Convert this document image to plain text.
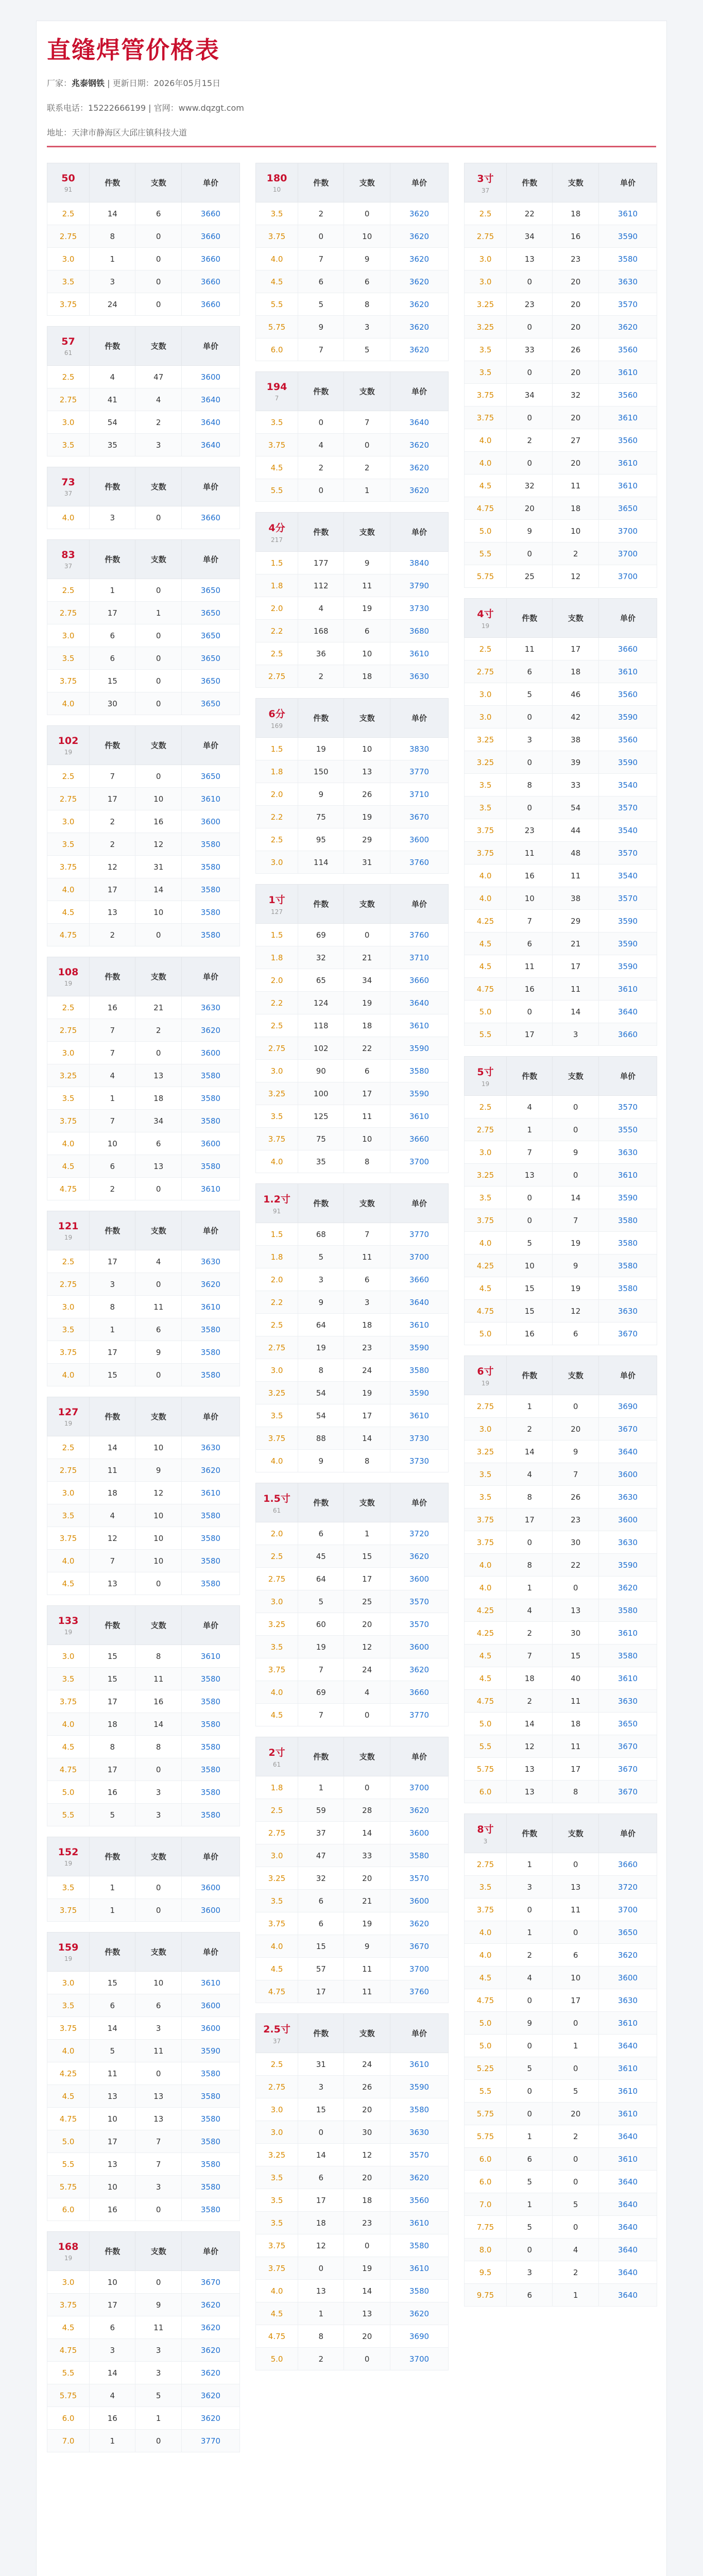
直缝焊管价格表
厂家：兆泰钢铁 | 更新日期：2026年05月15日
联系电话：15222666199 | 官网：www.dqzgt.com
地址：天津市静海区大邱庄镇科技大道
50
91	件数	支数	单价
2.5	14	6	3660
2.75	8	0	3660
3.0	1	0	3660
3.5	3	0	3660
3.75	24	0	3660
57
61	件数	支数	单价
2.5	4	47	3600
2.75	41	4	3640
3.0	54	2	3640
3.5	35	3	3640
73
37	件数	支数	单价
4.0	3	0	3660
83
37	件数	支数	单价
2.5	1	0	3650
2.75	17	1	3650
3.0	6	0	3650
3.5	6	0	3650
3.75	15	0	3650
4.0	30	0	3650
102
19	件数	支数	单价
2.5	7	0	3650
2.75	17	10	3610
3.0	2	16	3600
3.5	2	12	3580
3.75	12	31	3580
4.0	17	14	3580
4.5	13	10	3580
4.75	2	0	3580
108
19	件数	支数	单价
2.5	16	21	3630
2.75	7	2	3620
3.0	7	0	3600
3.25	4	13	3580
3.5	1	18	3580
3.75	7	34	3580
4.0	10	6	3600
4.5	6	13	3580
4.75	2	0	3610
121
19	件数	支数	单价
2.5	17	4	3630
2.75	3	0	3620
3.0	8	11	3610
3.5	1	6	3580
3.75	17	9	3580
4.0	15	0	3580
127
19	件数	支数	单价
2.5	14	10	3630
2.75	11	9	3620
3.0	18	12	3610
3.5	4	10	3580
3.75	12	10	3580
4.0	7	10	3580
4.5	13	0	3580
133
19	件数	支数	单价
3.0	15	8	3610
3.5	15	11	3580
3.75	17	16	3580
4.0	18	14	3580
4.5	8	8	3580
4.75	17	0	3580
5.0	16	3	3580
5.5	5	3	3580
152
19	件数	支数	单价
3.5	1	0	3600
3.75	1	0	3600
159
19	件数	支数	单价
3.0	15	10	3610
3.5	6	6	3600
3.75	14	3	3600
4.0	5	11	3590
4.25	11	0	3580
4.5	13	13	3580
4.75	10	13	3580
5.0	17	7	3580
5.5	13	7	3580
5.75	10	3	3580
6.0	16	0	3580
168
19	件数	支数	单价
3.0	10	0	3670
3.75	17	9	3620
4.5	6	11	3620
4.75	3	3	3620
5.5	14	3	3620
5.75	4	5	3620
6.0	16	1	3620
7.0	1	0	3770
180
10	件数	支数	单价
3.5	2	0	3620
3.75	0	10	3620
4.0	7	9	3620
4.5	6	6	3620
5.5	5	8	3620
5.75	9	3	3620
6.0	7	5	3620
194
7	件数	支数	单价
3.5	0	7	3640
3.75	4	0	3620
4.5	2	2	3620
5.5	0	1	3620
4分
217	件数	支数	单价
1.5	177	9	3840
1.8	112	11	3790
2.0	4	19	3730
2.2	168	6	3680
2.5	36	10	3610
2.75	2	18	3630
6分
169	件数	支数	单价
1.5	19	10	3830
1.8	150	13	3770
2.0	9	26	3710
2.2	75	19	3670
2.5	95	29	3600
3.0	114	31	3760
1寸
127	件数	支数	单价
1.5	69	0	3760
1.8	32	21	3710
2.0	65	34	3660
2.2	124	19	3640
2.5	118	18	3610
2.75	102	22	3590
3.0	90	6	3580
3.25	100	17	3590
3.5	125	11	3610
3.75	75	10	3660
4.0	35	8	3700
1.2寸
91	件数	支数	单价
1.5	68	7	3770
1.8	5	11	3700
2.0	3	6	3660
2.2	9	3	3640
2.5	64	18	3610
2.75	19	23	3590
3.0	8	24	3580
3.25	54	19	3590
3.5	54	17	3610
3.75	88	14	3730
4.0	9	8	3730
1.5寸
61	件数	支数	单价
2.0	6	1	3720
2.5	45	15	3620
2.75	64	17	3600
3.0	5	25	3570
3.25	60	20	3570
3.5	19	12	3600
3.75	7	24	3620
4.0	69	4	3660
4.5	7	0	3770
2寸
61	件数	支数	单价
1.8	1	0	3700
2.5	59	28	3620
2.75	37	14	3600
3.0	47	33	3580
3.25	32	20	3570
3.5	6	21	3600
3.75	6	19	3620
4.0	15	9	3670
4.5	57	11	3700
4.75	17	11	3760
2.5寸
37	件数	支数	单价
2.5	31	24	3610
2.75	3	26	3590
3.0	15	20	3580
3.0	0	30	3630
3.25	14	12	3570
3.5	6	20	3620
3.5	17	18	3560
3.5	18	23	3610
3.75	12	0	3580
3.75	0	19	3610
4.0	13	14	3580
4.5	1	13	3620
4.75	8	20	3690
5.0	2	0	3700
3寸
37	件数	支数	单价
2.5	22	18	3610
2.75	34	16	3590
3.0	13	23	3580
3.0	0	20	3630
3.25	23	20	3570
3.25	0	20	3620
3.5	33	26	3560
3.5	0	20	3610
3.75	34	32	3560
3.75	0	20	3610
4.0	2	27	3560
4.0	0	20	3610
4.5	32	11	3610
4.75	20	18	3650
5.0	9	10	3700
5.5	0	2	3700
5.75	25	12	3700
4寸
19	件数	支数	单价
2.5	11	17	3660
2.75	6	18	3610
3.0	5	46	3560
3.0	0	42	3590
3.25	3	38	3560
3.25	0	39	3590
3.5	8	33	3540
3.5	0	54	3570
3.75	23	44	3540
3.75	11	48	3570
4.0	16	11	3540
4.0	10	38	3570
4.25	7	29	3590
4.5	6	21	3590
4.5	11	17	3590
4.75	16	11	3610
5.0	0	14	3640
5.5	17	3	3660
5寸
19	件数	支数	单价
2.5	4	0	3570
2.75	1	0	3550
3.0	7	9	3630
3.25	13	0	3610
3.5	0	14	3590
3.75	0	7	3580
4.0	5	19	3580
4.25	10	9	3580
4.5	15	19	3580
4.75	15	12	3630
5.0	16	6	3670
6寸
19	件数	支数	单价
2.75	1	0	3690
3.0	2	20	3670
3.25	14	9	3640
3.5	4	7	3600
3.5	8	26	3630
3.75	17	23	3600
3.75	0	30	3630
4.0	8	22	3590
4.0	1	0	3620
4.25	4	13	3580
4.25	2	30	3610
4.5	7	15	3580
4.5	18	40	3610
4.75	2	11	3630
5.0	14	18	3650
5.5	12	11	3670
5.75	13	17	3670
6.0	13	8	3670
8寸
3	件数	支数	单价
2.75	1	0	3660
3.5	3	13	3720
3.75	0	11	3700
4.0	1	0	3650
4.0	2	6	3620
4.5	4	10	3600
4.75	0	17	3630
5.0	9	0	3610
5.0	0	1	3640
5.25	5	0	3610
5.5	0	5	3610
5.75	0	20	3610
5.75	1	2	3640
6.0	6	0	3610
6.0	5	0	3640
7.0	1	5	3640
7.75	5	0	3640
8.0	0	4	3640
9.5	3	2	3640
9.75	6	1	3640
